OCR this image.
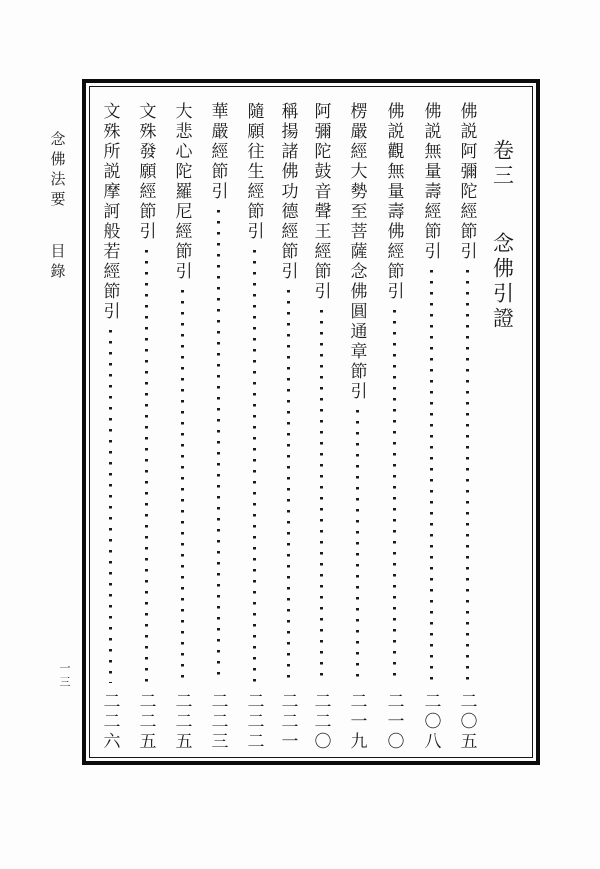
念佛法要
目錄
一三
卷三
念佛引證
佛説阿彌陀經節引
二〇五
佛説無量壽經節引
二〇八
佛説觀無量壽佛經節引
二一〇
楞嚴經大勢至菩薩念佛圓通章節引
二一九
阿彌陀鼓音聲王經節引
二二〇
稱揚諸佛功德經節引
二二一
隨願往生經節引
二二二
華嚴經節引
二二三
大悲心陀羅尼經節引
二二五
文殊發願經節引
二二五
文殊所説摩訶般若經節引
二二六
